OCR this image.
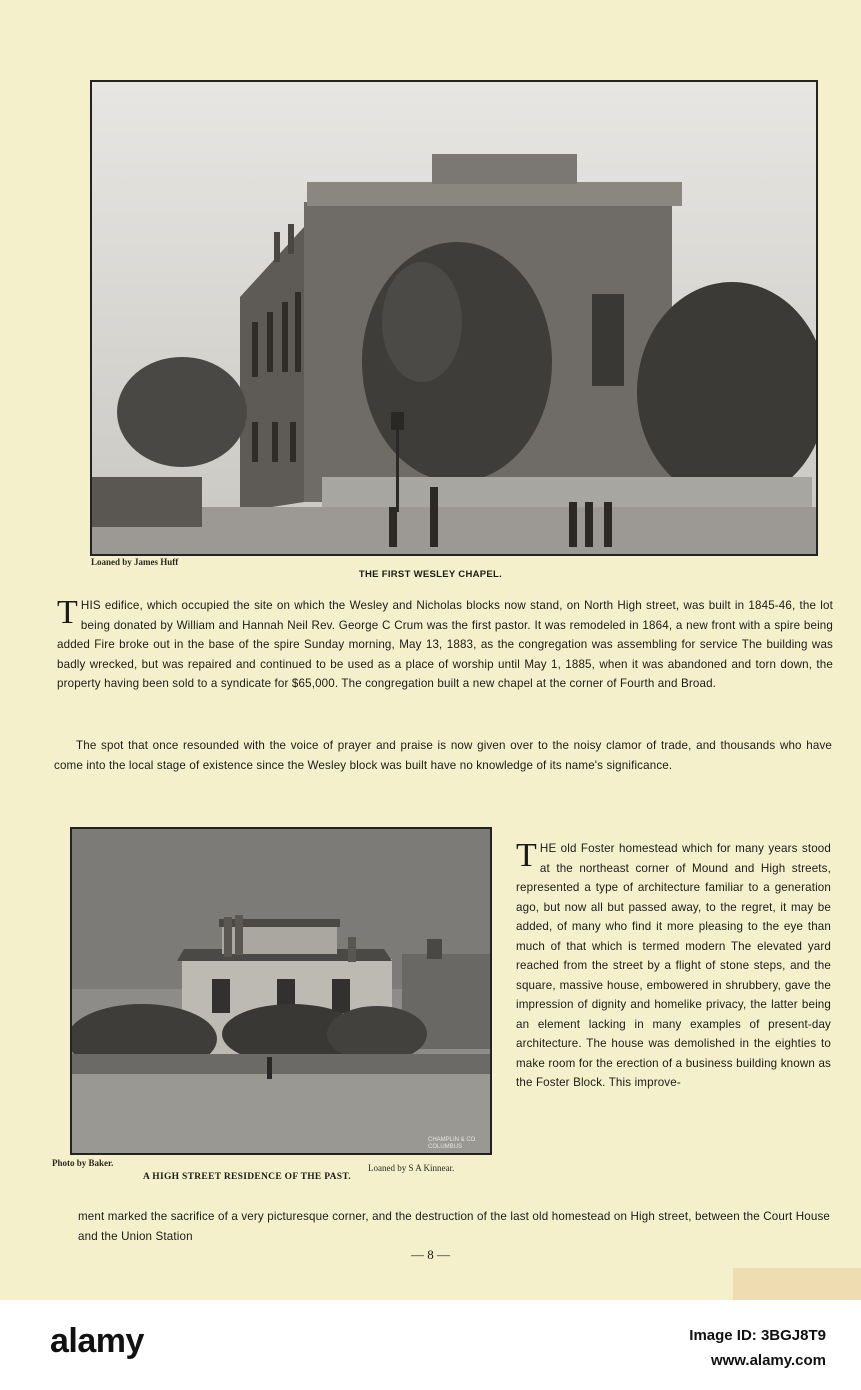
Loaned by James Huff
THE FIRST WESLEY CHAPEL.
THIS edifice, which occupied the site on which the Wesley and Nicholas blocks now stand, on North High street, was built in 1845-46, the lot being donated by William and Hannah Neil Rev. George C Crum was the first pastor. It was remodeled in 1864, a new front with a spire being added Fire broke out in the base of the spire Sunday morning, May 13, 1883, as the congregation was assembling for service The building was badly wrecked, but was repaired and continued to be used as a place of worship until May 1, 1885, when it was abandoned and torn down, the property having been sold to a syndicate for $65,000. The congregation built a new chapel at the corner of Fourth and Broad.
The spot that once resounded with the voice of prayer and praise is now given over to the noisy clamor of trade, and thousands who have come into the local stage of existence since the Wesley block was built have no knowledge of its name's significance.
CHAMPLIN & CO COLUMBUS
Photo by Baker.	Loaned by S A Kinnear.
A HIGH STREET RESIDENCE OF THE PAST.
THE old Foster homestead which for many years stood at the northeast corner of Mound and High streets, represented a type of architecture familiar to a generation ago, but now all but passed away, to the regret, it may be added, of many who find it more pleasing to the eye than much of that which is termed modern The elevated yard reached from the street by a flight of stone steps, and the square, massive house, embowered in shrubbery, gave the impression of dignity and homelike privacy, the latter being an element lacking in many examples of present-day architecture. The house was demolished in the eighties to make room for the erection of a business building known as the Foster Block. This improve-
ment marked the sacrifice of a very picturesque corner, and the destruction of the last old homestead on High street, between the Court House and the Union Station
— 8 —
alamy	Image ID: 3BGJ8T9
www.alamy.com
